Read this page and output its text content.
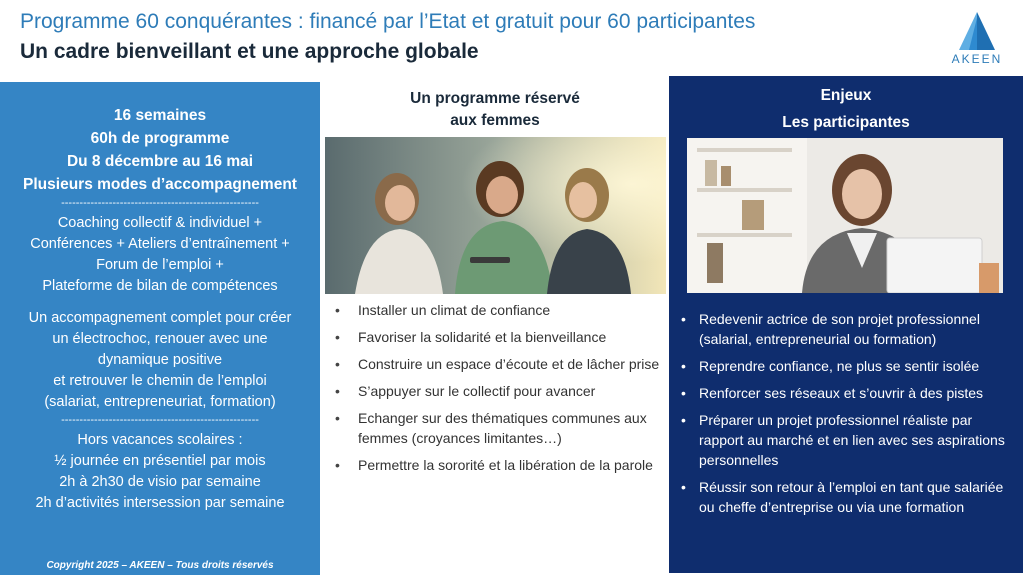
Programme 60 conquérantes : financé par l’Etat et gratuit pour 60 participantes
Un cadre bienveillant et une approche globale	AKEEN
16 semaines
60h de programme
Du 8 décembre au 16 mai
Plusieurs modes d’accompagnement
------------------------------------------------------
Coaching collectif & individuel +
Conférences + Ateliers d’entraînement +
Forum de l’emploi +
Plateforme de bilan de compétences
Un accompagnement complet pour créer
un électrochoc, renouer avec une
dynamique positive
et retrouver le chemin de l’emploi
(salariat, entrepreneuriat, formation)
------------------------------------------------------
Hors vacances scolaires :
½ journée en présentiel par mois
2h à 2h30 de visio par semaine
2h d’activités intersession par semaine
Copyright 2025 – AKEEN – Tous droits réservés
Un programme réservé
aux femmes
• Installer un climat de confiance
• Favoriser la solidarité et la bienveillance
• Construire un espace d’écoute et de lâcher prise
• S’appuyer sur le collectif pour avancer
• Echanger sur des thématiques communes aux femmes (croyances limitantes…)
• Permettre la sororité et la libération de la parole
Enjeux
Les participantes
• Redevenir actrice de son projet professionnel (salarial, entrepreneurial ou formation)
• Reprendre confiance, ne plus se sentir isolée
• Renforcer ses réseaux et s’ouvrir à des pistes
• Préparer un projet professionnel réaliste par rapport au marché et en lien avec ses aspirations personnelles
• Réussir son retour à l’emploi en tant que salariée ou cheffe d’entreprise ou via une formation
